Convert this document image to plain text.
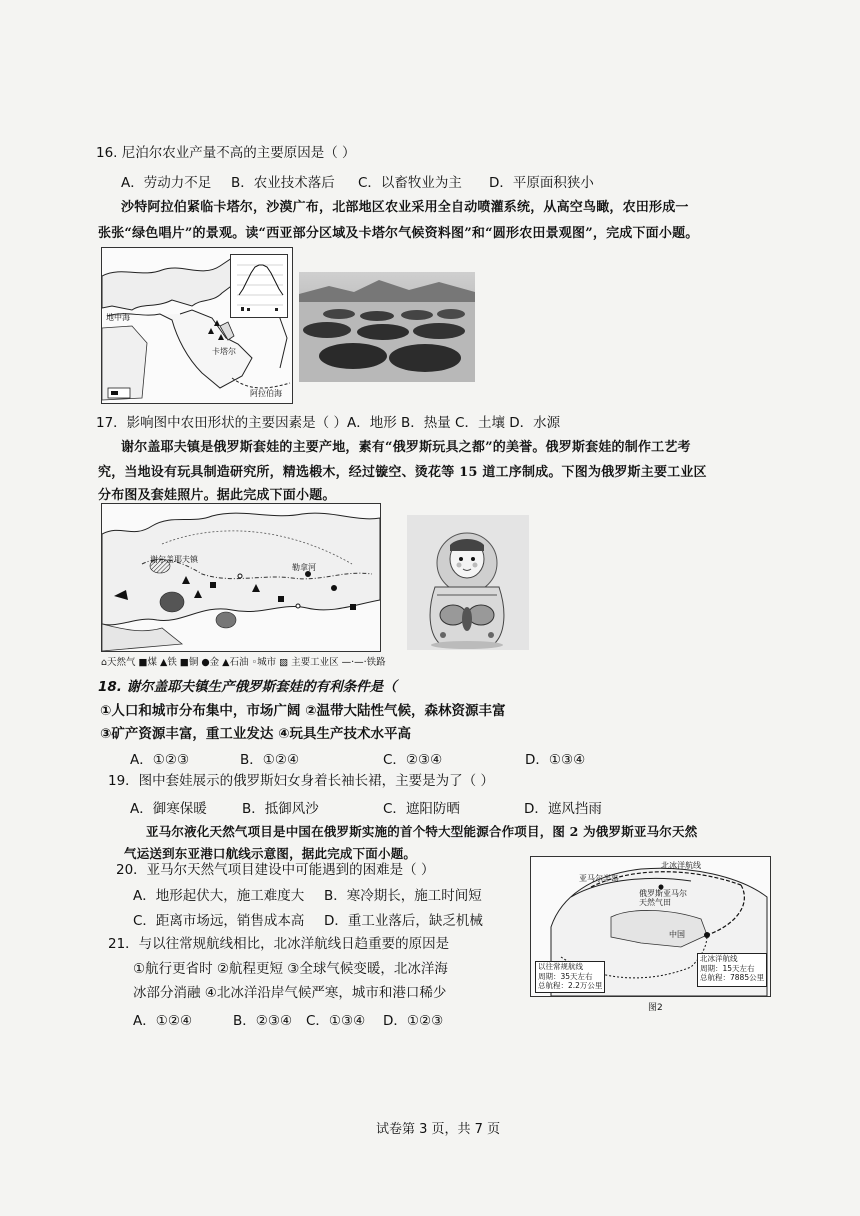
16. 尼泊尔农业产量不高的主要原因是（ ）
A．劳动力不足 B．农业技术落后 C．以畜牧业为主 D．平原面积狭小
沙特阿拉伯紧临卡塔尔，沙漠广布，北部地区农业采用全自动喷灌系统，从高空鸟瞰，农田形成一
张张“绿色唱片”的景观。读“西亚部分区域及卡塔尔气候资料图”和“圆形农田景观图”，完成下面小题。
地中海
卡塔尔
阿拉伯海
17．影响图中农田形状的主要因素是（ ）A．地形 B．热量 C．土壤 D．水源
谢尔盖耶夫镇是俄罗斯套娃的主要产地，素有“俄罗斯玩具之都”的美誉。俄罗斯套娃的制作工艺考
究，当地设有玩具制造研究所，精选椴木，经过镟空、烫花等 15 道工序制成。下图为俄罗斯主要工业区
分布图及套娃照片。据此完成下面小题。
谢尔盖耶夫镇
勒拿河
⌂天然气 ■煤 ▲铁 ■铜 ●金 ▲石油 ◦城市 ▨ 主要工业区 —·—·铁路
18. 谢尔盖耶夫镇生产俄罗斯套娃的有利条件是（
①人口和城市分布集中，市场广阔 ②温带大陆性气候，森林资源丰富
③矿产资源丰富，重工业发达 ④玩具生产技术水平高
A．①②③	B．①②④	C．②③④	D．①③④
19．图中套娃展示的俄罗斯妇女身着长袖长裙，主要是为了（ ）
A．御寒保暖	B．抵御风沙	C．遮阳防晒	D．遮风挡雨
亚马尔液化天然气项目是中国在俄罗斯实施的首个特大型能源合作项目，图 2 为俄罗斯亚马尔天然
气运送到东亚港口航线示意图，据此完成下面小题。
20．亚马尔天然气项目建设中可能遇到的困难是（ ）
A．地形起伏大，施工难度大 B．寒冷期长，施工时间短
C．距离市场远，销售成本高 D．重工业落后，缺乏机械
21．与以往常规航线相比，北冰洋航线日趋重要的原因是
①航行更省时 ②航程更短 ③全球气候变暖，北冰洋海
冰部分消融 ④北冰洋沿岸气候严寒，城市和港口稀少
A．①②④	B．②③④ C．①③④ D．①②③
北冰洋航线
亚马尔半岛
俄罗斯亚马尔天然气田
中国
以往常规航线
周期：35天左右
总航程：2.2万公里
北冰洋航线
周期：15天左右
总航程：7885公里
图2
试卷第 3 页，共 7 页
